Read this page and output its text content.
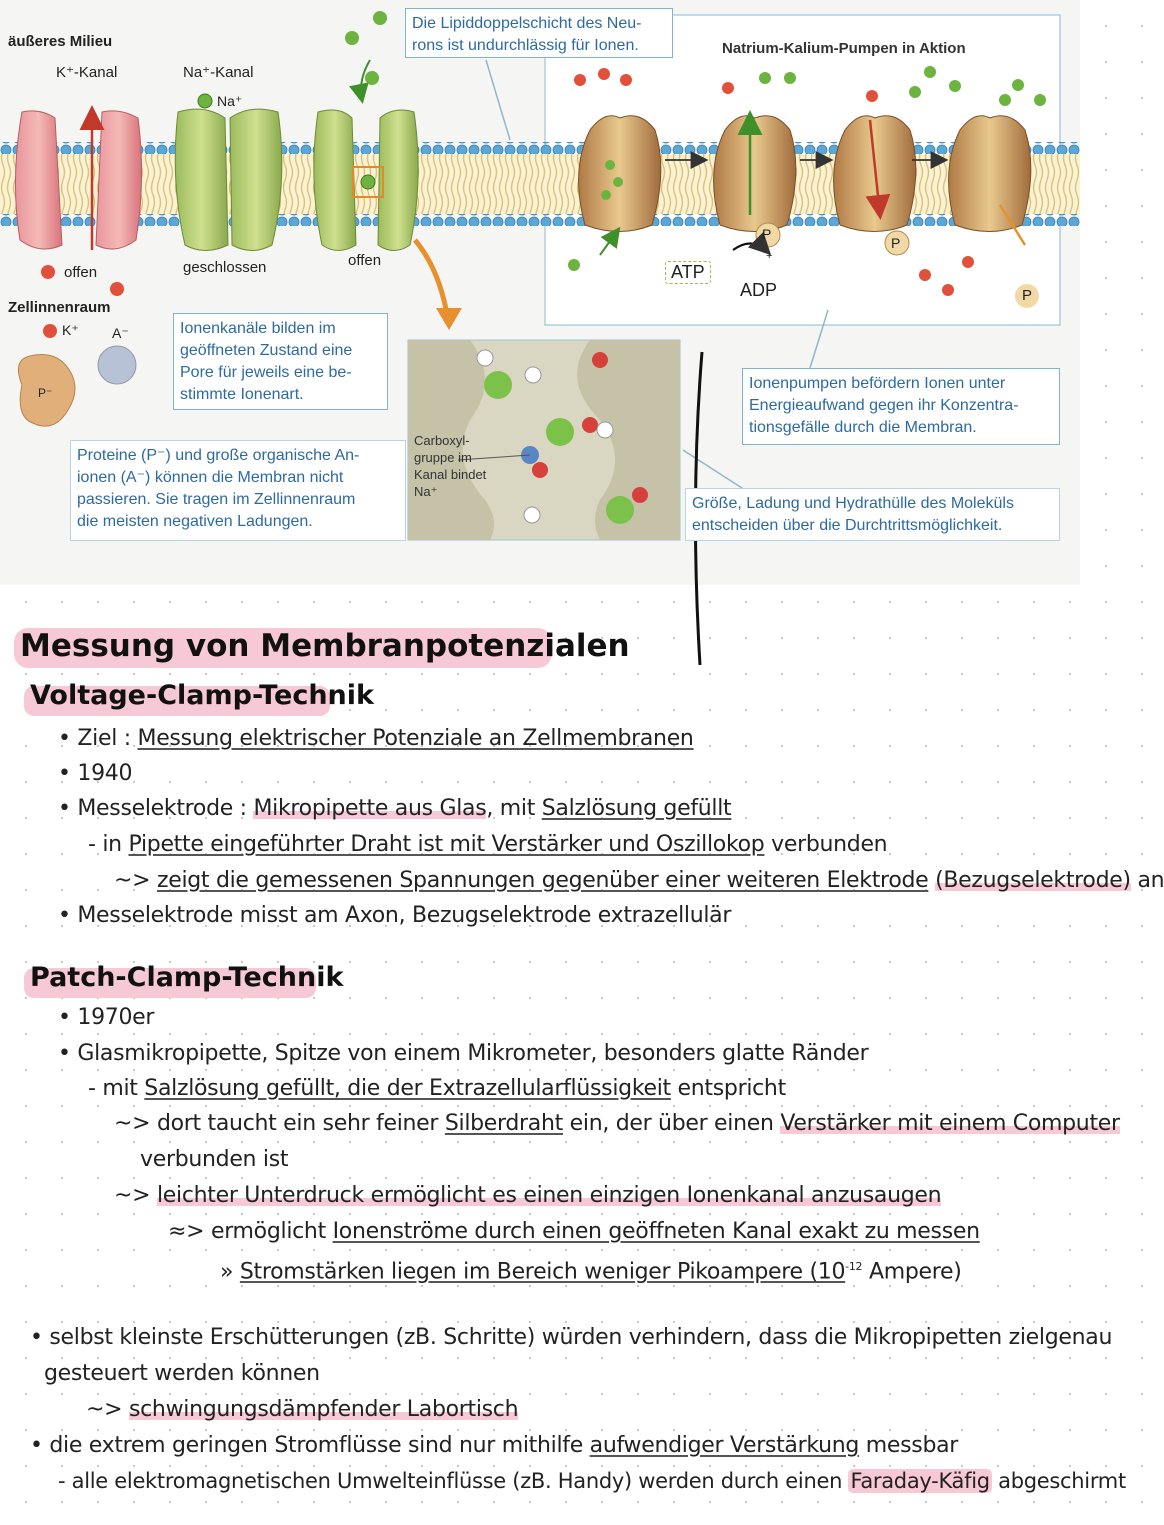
äußeres Milieu
K⁺-Kanal	Na⁺-Kanal
Na⁺
offen	geschlossen	offen
Zellinnenraum
K⁺ A⁻
P⁻
Die Lipiddoppelschicht des Neu-
rons ist undurchlässig für Ionen.	Natrium-Kalium-Pumpen in Aktion
ATP
ADP
P
+
P
P
Ionenkanäle bilden im
geöffneten Zustand eine
Pore für jeweils eine be-
stimmte Ionenart.
Proteine (P⁻) und große organische An-
ionen (A⁻) können die Membran nicht
passieren. Sie tragen im Zellinnenraum
die meisten negativen Ladungen.
Carboxyl-
gruppe im
Kanal bindet
Na⁺
Ionenpumpen befördern Ionen unter
Energieaufwand gegen ihr Konzentra-
tionsgefälle durch die Membran.
Größe, Ladung und Hydrathülle des Moleküls
entscheiden über die Durchtrittsmöglichkeit.
Messung von Membranpotenzialen
Voltage-Clamp-Technik
• Ziel : Messung elektrischer Potenziale an Zellmembranen
• 1940
• Messelektrode : Mikropipette aus Glas, mit Salzlösung gefüllt
- in Pipette eingeführter Draht ist mit Verstärker und Oszillokop verbunden
~> zeigt die gemessenen Spannungen gegenüber einer weiteren Elektrode (Bezugselektrode) an
• Messelektrode misst am Axon, Bezugselektrode extrazellulär
Patch-Clamp-Technik
• 1970er
• Glasmikropipette, Spitze von einem Mikrometer, besonders glatte Ränder
- mit Salzlösung gefüllt, die der Extrazellularflüssigkeit entspricht
~> dort taucht ein sehr feiner Silberdraht ein, der über einen Verstärker mit einem Computer
verbunden ist
~> leichter Unterdruck ermöglicht es einen einzigen Ionenkanal anzusaugen
≈> ermöglicht Ionenströme durch einen geöffneten Kanal exakt zu messen
» Stromstärken liegen im Bereich weniger Pikoampere ($10^{-12}$ Ampere)
• selbst kleinste Erschütterungen (zB. Schritte) würden verhindern, dass die Mikropipetten zielgenau
gesteuert werden können
~> schwingungsdämpfender Labortisch
• die extrem geringen Stromflüsse sind nur mithilfe aufwendiger Verstärkung messbar
- alle elektromagnetischen Umwelteinflüsse (zB. Handy) werden durch einen Faraday-Käfig abgeschirmt
